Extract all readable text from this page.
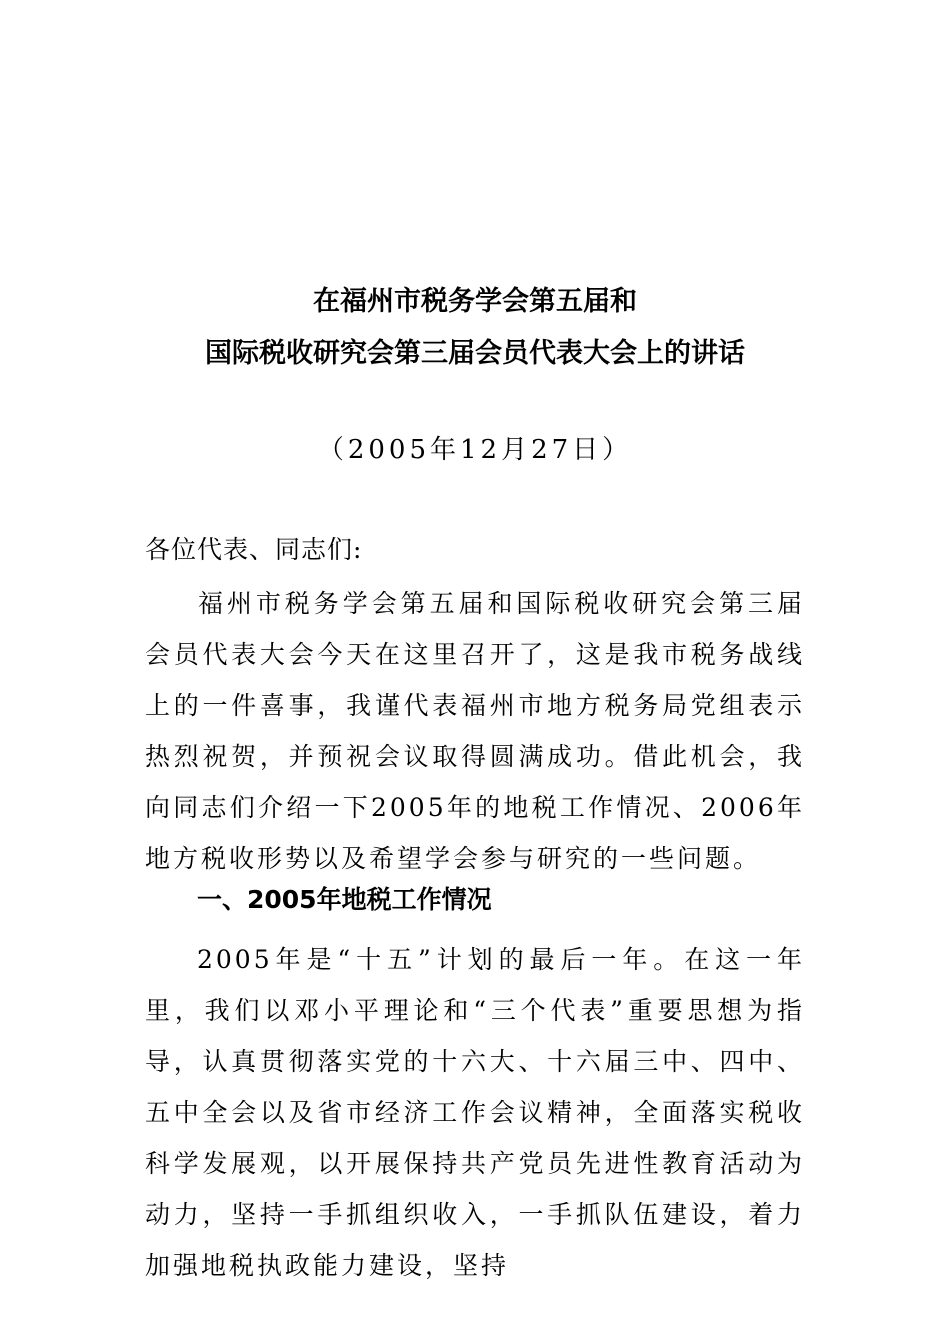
在福州市税务学会第五届和
国际税收研究会第三届会员代表大会上的讲话
（2005年12月27日）
各位代表、同志们:

福州市税务学会第五届和国际税收研究会第三届会员代表大会今天在这里召开了，这是我市税务战线上的一件喜事，我谨代表福州市地方税务局党组表示热烈祝贺，并预祝会议取得圆满成功。借此机会，我向同志们介绍一下2005年的地税工作情况、2006年地方税收形势以及希望学会参与研究的一些问题。

一、2005年地税工作情况

2005年是“十五”计划的最后一年。在这一年里，我们以邓小平理论和“三个代表”重要思想为指导，认真贯彻落实党的十六大、十六届三中、四中、五中全会以及省市经济工作会议精神，全面落实税收科学发展观，以开展保持共产党员先进性教育活动为动力，坚持一手抓组织收入，一手抓队伍建设，着力加强地税执政能力建设，坚持
